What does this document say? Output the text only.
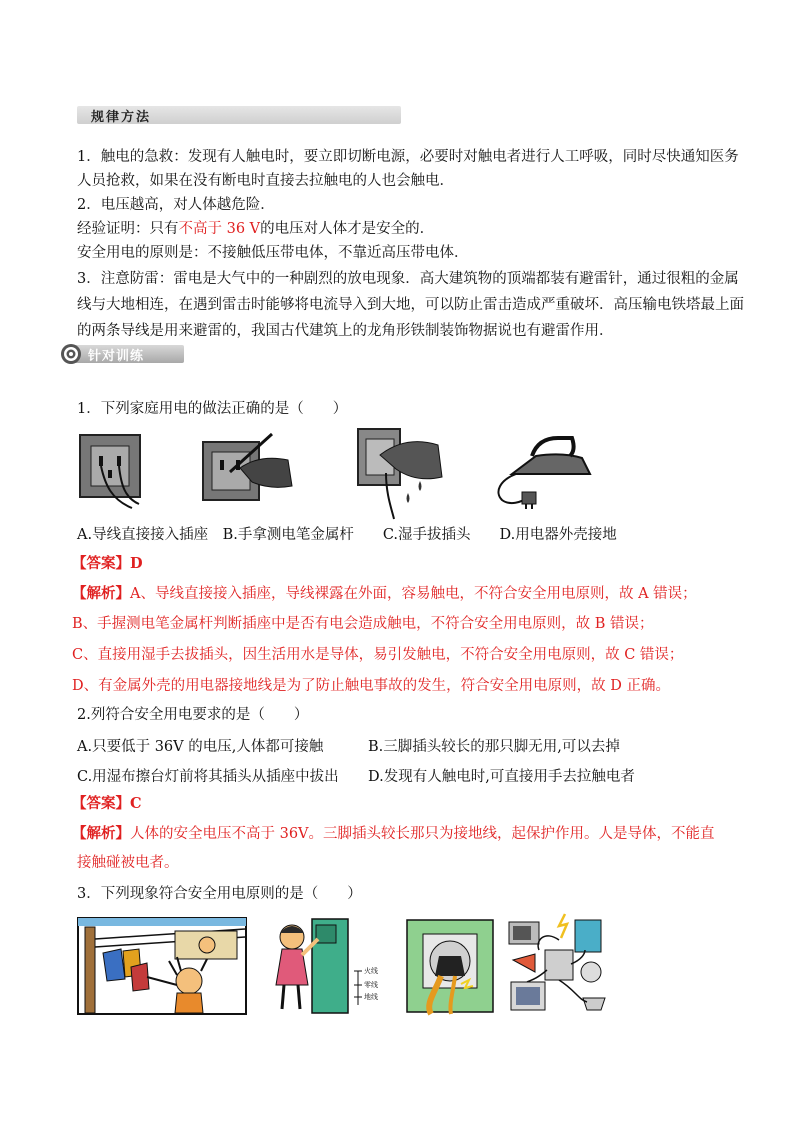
规律方法
1．触电的急救：发现有人触电时，要立即切断电源，必要时对触电者进行人工呼吸，同时尽快通知医务
人员抢救，如果在没有断电时直接去拉触电的人也会触电．
2．电压越高，对人体越危险．
经验证明：只有不高于 36 V的电压对人体才是安全的．
安全用电的原则是：不接触低压带电体，不靠近高压带电体．
3．注意防雷：雷电是大气中的一种剧烈的放电现象．高大建筑物的顶端都装有避雷针，通过很粗的金属
线与大地相连，在遇到雷击时能够将电流导入到大地，可以防止雷击造成严重破坏．高压输电铁塔最上面
的两条导线是用来避雷的，我国古代建筑上的龙角形铁制装饰物据说也有避雷作用．
针对训练
1．下列家庭用电的做法正确的是（　　）
A.导线直接接入插座　B.手拿测电笔金属杆　　C.湿手拔插头　　D.用电器外壳接地
【答案】D
【解析】A、导线直接接入插座，导线裸露在外面，容易触电，不符合安全用电原则，故 A 错误；
B、手握测电笔金属杆判断插座中是否有电会造成触电，不符合安全用电原则，故 B 错误；
C、直接用湿手去拔插头，因生活用水是导体，易引发触电，不符合安全用电原则，故 C 错误；
D、有金属外壳的用电器接地线是为了防止触电事故的发生，符合安全用电原则，故 D 正确。
2.列符合安全用电要求的是（　　）
A.只要低于 36V 的电压,人体都可接触	B.三脚插头较长的那只脚无用,可以去掉
C.用湿布擦台灯前将其插头从插座中拔出 D.发现有人触电时,可直接用手去拉触电者
【答案】C
【解析】人体的安全电压不高于 36V。三脚插头较长那只为接地线，起保护作用。人是导体，不能直
接触碰被电者。
3．下列现象符合安全用电原则的是（　　）
火线
零线
地线
